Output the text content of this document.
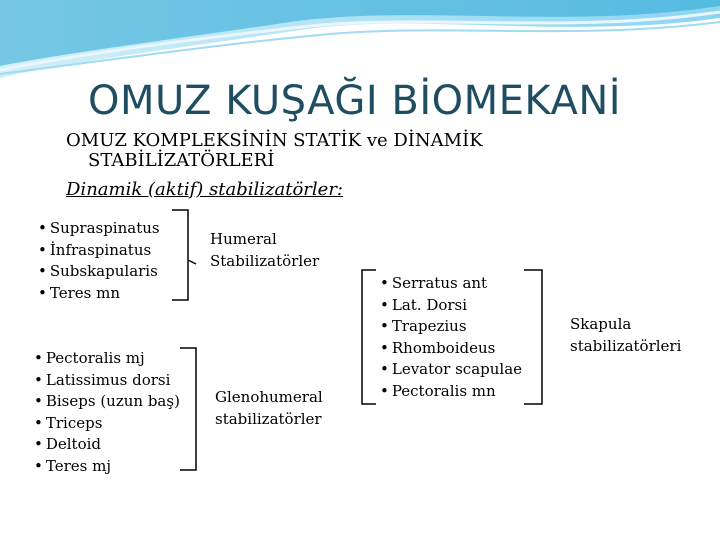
OMUZ KUŞAĞI BİOMEKANİ
OMUZ KOMPLEKSİNİN STATİK ve DİNAMİK
STABİLİZATÖRLERİ
Dinamik (aktif) stabilizatörler:
• Supraspinatus
• İnfraspinatus
• Subskapularis
• Teres mn
Humeral
Stabilizatörler
• Pectoralis mj
• Latissimus dorsi
• Biseps (uzun baş)
• Triceps
• Deltoid
• Teres mj
Glenohumeral
stabilizatörler
• Serratus ant
• Lat. Dorsi
• Trapezius
• Rhomboideus
• Levator scapulae
• Pectoralis mn
Skapula
stabilizatörleri
